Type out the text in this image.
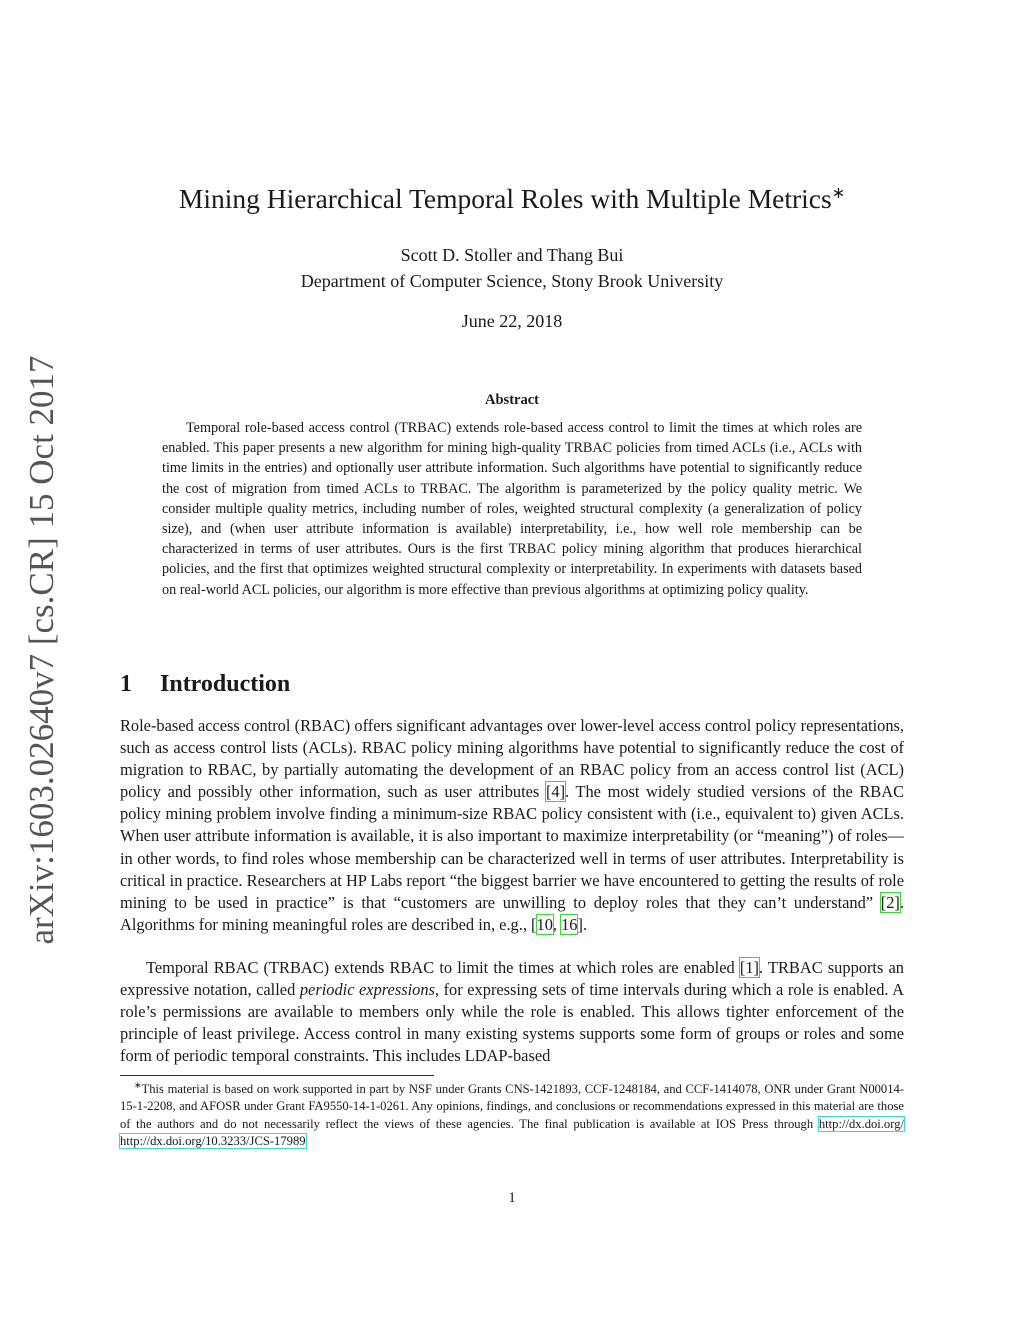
arXiv:1603.02640v7 [cs.CR] 15 Oct 2017
Mining Hierarchical Temporal Roles with Multiple Metrics∗
Scott D. Stoller and Thang Bui
Department of Computer Science, Stony Brook University
June 22, 2018
Abstract

Temporal role-based access control (TRBAC) extends role-based access control to limit the times at which roles are enabled. This paper presents a new algorithm for mining high-quality TRBAC policies from timed ACLs (i.e., ACLs with time limits in the entries) and optionally user attribute information. Such algorithms have potential to significantly reduce the cost of migration from timed ACLs to TRBAC. The algorithm is parameterized by the policy quality metric. We consider multiple quality metrics, including number of roles, weighted structural complexity (a generalization of policy size), and (when user attribute information is available) interpretability, i.e., how well role membership can be characterized in terms of user attributes. Ours is the first TRBAC policy mining algorithm that produces hierarchical policies, and the first that optimizes weighted structural complexity or interpretability. In experiments with datasets based on real-world ACL policies, our algorithm is more effective than previous algorithms at optimizing policy quality.

1 Introduction

Role-based access control (RBAC) offers significant advantages over lower-level access control policy representations, such as access control lists (ACLs). RBAC policy mining algorithms have potential to significantly reduce the cost of migration to RBAC, by partially automating the development of an RBAC policy from an access control list (ACL) policy and possibly other information, such as user attributes [4]. The most widely studied versions of the RBAC policy mining problem involve finding a minimum-size RBAC policy consistent with (i.e., equivalent to) given ACLs. When user attribute information is available, it is also important to maximize interpretability (or “meaning”) of roles—in other words, to find roles whose membership can be characterized well in terms of user attributes. Interpretability is critical in practice. Researchers at HP Labs report “the biggest barrier we have encountered to getting the results of role mining to be used in practice” is that “customers are unwilling to deploy roles that they can’t understand” [2]. Algorithms for mining meaningful roles are described in, e.g., [10, 16].

Temporal RBAC (TRBAC) extends RBAC to limit the times at which roles are enabled [1]. TRBAC supports an expressive notation, called periodic expressions, for expressing sets of time intervals during which a role is enabled. A role’s permissions are available to members only while the role is enabled. This allows tighter enforcement of the principle of least privilege. Access control in many existing systems supports some form of groups or roles and some form of periodic temporal constraints. This includes LDAP-based

∗This material is based on work supported in part by NSF under Grants CNS-1421893, CCF-1248184, and CCF-1414078, ONR under Grant N00014-15-1-2208, and AFOSR under Grant FA9550-14-1-0261. Any opinions, findings, and conclusions or recommendations expressed in this material are those of the authors and do not necessarily reflect the views of these agencies. The final publication is available at IOS Press through http://dx.doi.org/ http://dx.doi.org/10.3233/JCS-17989

1
